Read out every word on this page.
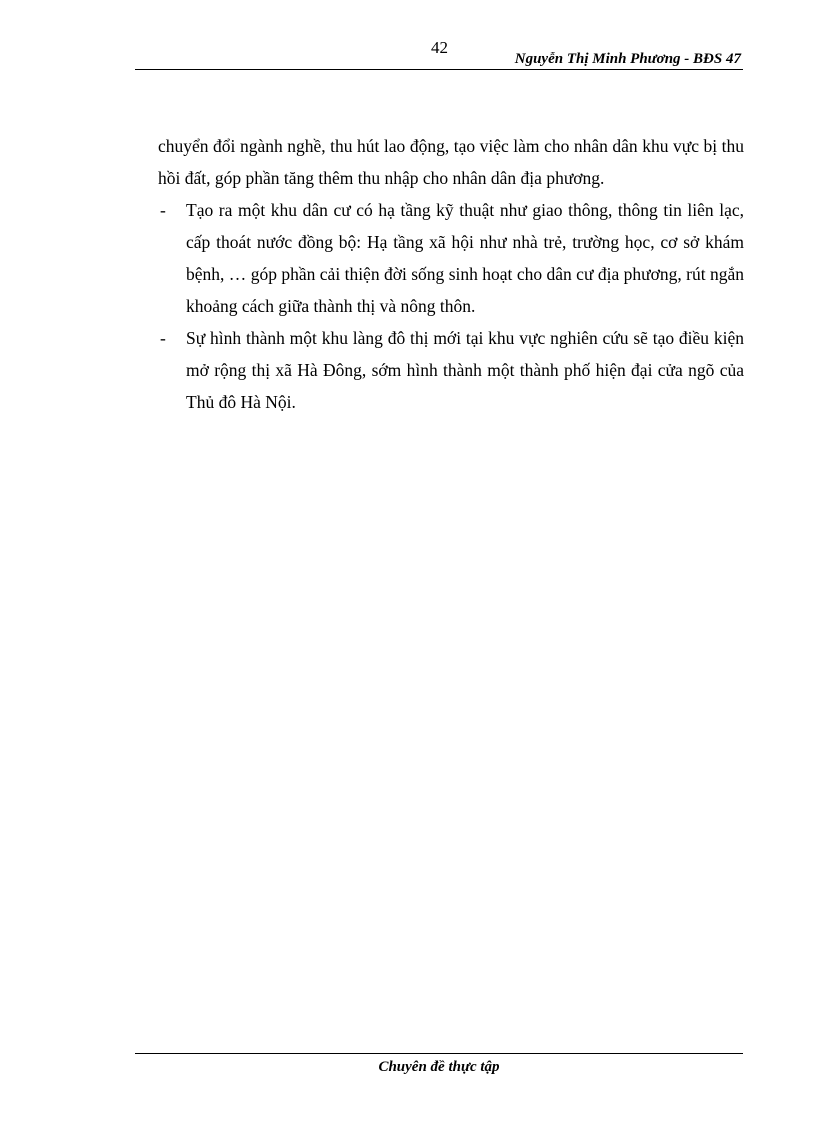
42
Nguyễn Thị Minh Phương - BĐS 47

chuyển đổi ngành nghề, thu hút lao động, tạo việc làm cho nhân dân khu vực bị thu hồi đất, góp phần tăng thêm thu nhập cho nhân dân địa phương.

- Tạo ra một khu dân cư có hạ tầng kỹ thuật như giao thông, thông tin liên lạc, cấp thoát nước đồng bộ: Hạ tầng xã hội như nhà trẻ, trường học, cơ sở khám bệnh, … góp phần cải thiện đời sống sinh hoạt cho dân cư địa phương, rút ngắn khoảng cách giữa thành thị và nông thôn.

- Sự hình thành một khu làng đô thị mới tại khu vực nghiên cứu sẽ tạo điều kiện mở rộng thị xã Hà Đông, sớm hình thành một thành phố hiện đại cửa ngõ của Thủ đô Hà Nội.

Chuyên đề thực tập
